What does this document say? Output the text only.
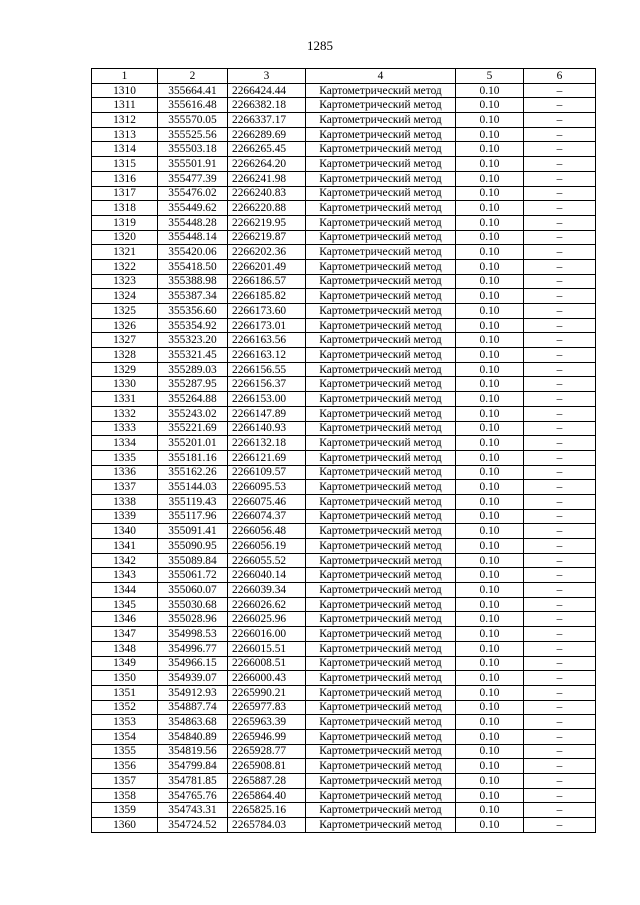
1285
1	2	3	4	5	6
1310	355664.41	2266424.44	Картометрический метод	0.10	–
1311	355616.48	2266382.18	Картометрический метод	0.10	–
1312	355570.05	2266337.17	Картометрический метод	0.10	–
1313	355525.56	2266289.69	Картометрический метод	0.10	–
1314	355503.18	2266265.45	Картометрический метод	0.10	–
1315	355501.91	2266264.20	Картометрический метод	0.10	–
1316	355477.39	2266241.98	Картометрический метод	0.10	–
1317	355476.02	2266240.83	Картометрический метод	0.10	–
1318	355449.62	2266220.88	Картометрический метод	0.10	–
1319	355448.28	2266219.95	Картометрический метод	0.10	–
1320	355448.14	2266219.87	Картометрический метод	0.10	–
1321	355420.06	2266202.36	Картометрический метод	0.10	–
1322	355418.50	2266201.49	Картометрический метод	0.10	–
1323	355388.98	2266186.57	Картометрический метод	0.10	–
1324	355387.34	2266185.82	Картометрический метод	0.10	–
1325	355356.60	2266173.60	Картометрический метод	0.10	–
1326	355354.92	2266173.01	Картометрический метод	0.10	–
1327	355323.20	2266163.56	Картометрический метод	0.10	–
1328	355321.45	2266163.12	Картометрический метод	0.10	–
1329	355289.03	2266156.55	Картометрический метод	0.10	–
1330	355287.95	2266156.37	Картометрический метод	0.10	–
1331	355264.88	2266153.00	Картометрический метод	0.10	–
1332	355243.02	2266147.89	Картометрический метод	0.10	–
1333	355221.69	2266140.93	Картометрический метод	0.10	–
1334	355201.01	2266132.18	Картометрический метод	0.10	–
1335	355181.16	2266121.69	Картометрический метод	0.10	–
1336	355162.26	2266109.57	Картометрический метод	0.10	–
1337	355144.03	2266095.53	Картометрический метод	0.10	–
1338	355119.43	2266075.46	Картометрический метод	0.10	–
1339	355117.96	2266074.37	Картометрический метод	0.10	–
1340	355091.41	2266056.48	Картометрический метод	0.10	–
1341	355090.95	2266056.19	Картометрический метод	0.10	–
1342	355089.84	2266055.52	Картометрический метод	0.10	–
1343	355061.72	2266040.14	Картометрический метод	0.10	–
1344	355060.07	2266039.34	Картометрический метод	0.10	–
1345	355030.68	2266026.62	Картометрический метод	0.10	–
1346	355028.96	2266025.96	Картометрический метод	0.10	–
1347	354998.53	2266016.00	Картометрический метод	0.10	–
1348	354996.77	2266015.51	Картометрический метод	0.10	–
1349	354966.15	2266008.51	Картометрический метод	0.10	–
1350	354939.07	2266000.43	Картометрический метод	0.10	–
1351	354912.93	2265990.21	Картометрический метод	0.10	–
1352	354887.74	2265977.83	Картометрический метод	0.10	–
1353	354863.68	2265963.39	Картометрический метод	0.10	–
1354	354840.89	2265946.99	Картометрический метод	0.10	–
1355	354819.56	2265928.77	Картометрический метод	0.10	–
1356	354799.84	2265908.81	Картометрический метод	0.10	–
1357	354781.85	2265887.28	Картометрический метод	0.10	–
1358	354765.76	2265864.40	Картометрический метод	0.10	–
1359	354743.31	2265825.16	Картометрический метод	0.10	–
1360	354724.52	2265784.03	Картометрический метод	0.10	–
